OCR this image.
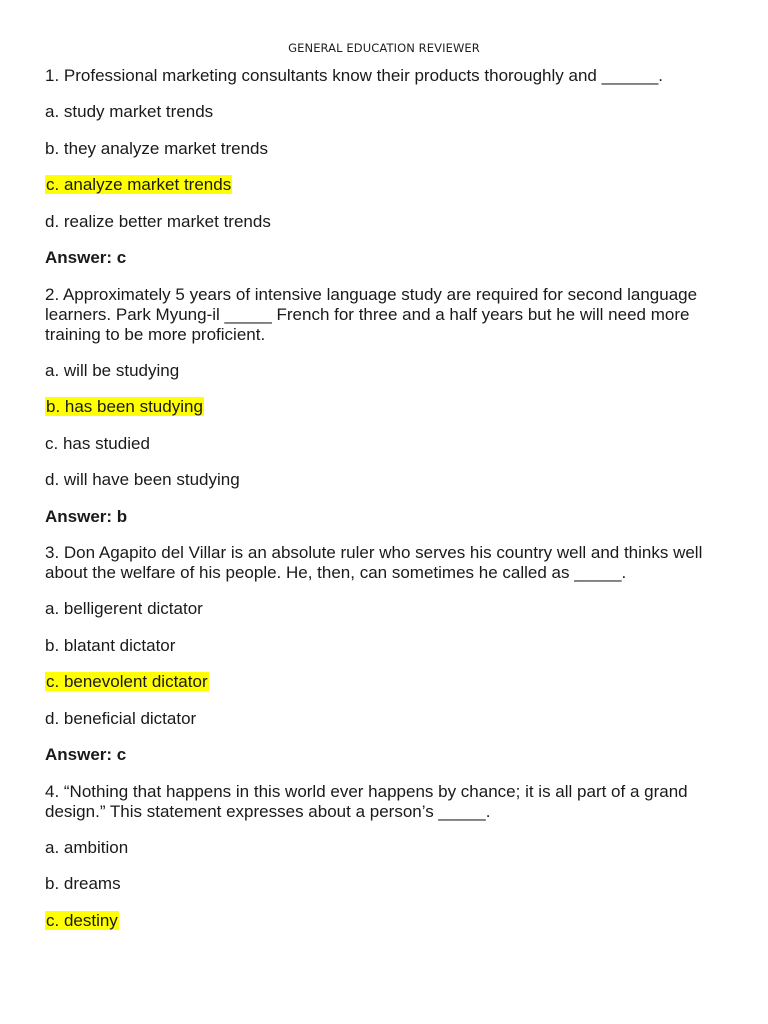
GENERAL EDUCATION REVIEWER

1. Professional marketing consultants know their products thoroughly and ______.

a. study market trends

b. they analyze market trends

c. analyze market trends

d. realize better market trends

Answer: c

2. Approximately 5 years of intensive language study are required for second language learners. Park Myung-il _____ French for three and a half years but he will need more training to be more proficient.

a. will be studying

b. has been studying

c. has studied

d. will have been studying

Answer: b

3. Don Agapito del Villar is an absolute ruler who serves his country well and thinks well about the welfare of his people. He, then, can sometimes he called as _____.

a. belligerent dictator

b. blatant dictator

c. benevolent dictator

d. beneficial dictator

Answer: c

4. “Nothing that happens in this world ever happens by chance; it is all part of a grand design.” This statement expresses about a person’s _____.

a. ambition

b. dreams

c. destiny
